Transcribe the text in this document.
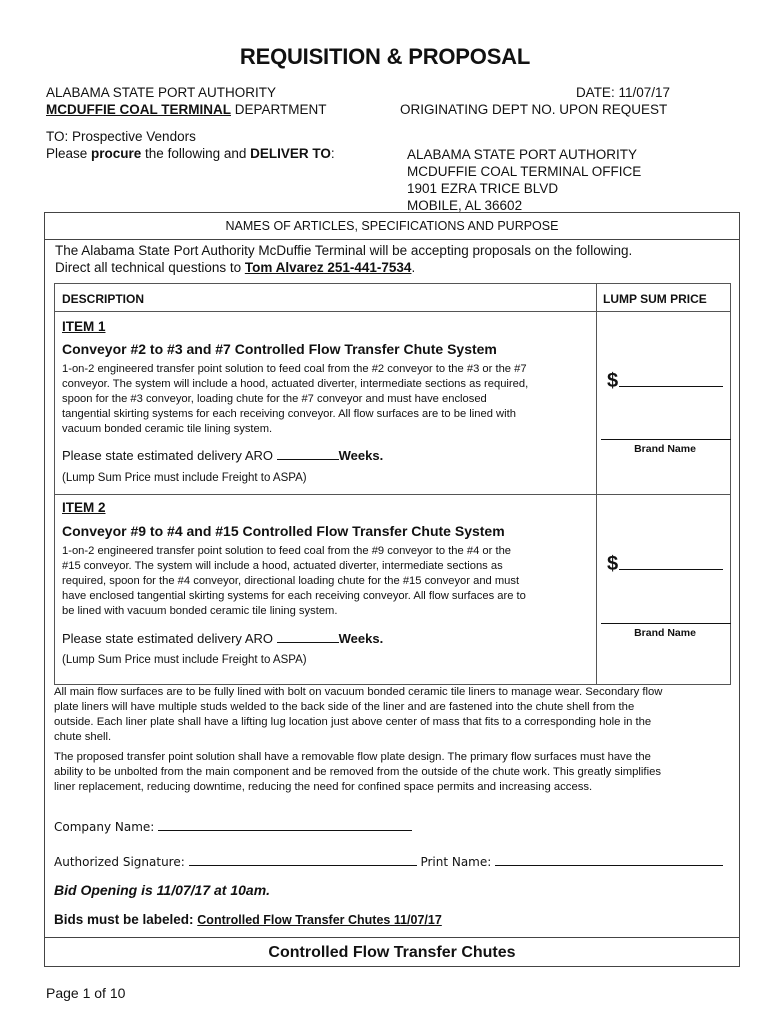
REQUISITION & PROPOSAL
ALABAMA STATE PORT AUTHORITY
MCDUFFIE COAL TERMINAL DEPARTMENT
DATE: 11/07/17
ORIGINATING DEPT NO. UPON REQUEST
TO: Prospective Vendors
Please procure the following and DELIVER TO:	ALABAMA STATE PORT AUTHORITY
MCDUFFIE COAL TERMINAL OFFICE
1901 EZRA TRICE BLVD
MOBILE, AL 36602
NAMES OF ARTICLES, SPECIFICATIONS AND PURPOSE
The Alabama State Port Authority McDuffie Terminal will be accepting proposals on the following.
Direct all technical questions to Tom Alvarez 251-441-7534.
DESCRIPTION	LUMP SUM PRICE
ITEM 1
Conveyor #2 to #3 and #7 Controlled Flow Transfer Chute System
1-on-2 engineered transfer point solution to feed coal from the #2 conveyor to the #3 or the #7
conveyor. The system will include a hood, actuated diverter, intermediate sections as required,
spoon for the #3 conveyor, loading chute for the #7 conveyor and must have enclosed
tangential skirting systems for each receiving conveyor. All flow surfaces are to be lined with
vacuum bonded ceramic tile lining system.
Please state estimated delivery ARO	Weeks.
(Lump Sum Price must include Freight to ASPA)
$
Brand Name
ITEM 2
Conveyor #9 to #4 and #15 Controlled Flow Transfer Chute System
1-on-2 engineered transfer point solution to feed coal from the #9 conveyor to the #4 or the
#15 conveyor. The system will include a hood, actuated diverter, intermediate sections as
required, spoon for the #4 conveyor, directional loading chute for the #15 conveyor and must
have enclosed tangential skirting systems for each receiving conveyor. All flow surfaces are to
be lined with vacuum bonded ceramic tile lining system.
Please state estimated delivery ARO	Weeks.
(Lump Sum Price must include Freight to ASPA)
$
Brand Name
All main flow surfaces are to be fully lined with bolt on vacuum bonded ceramic tile liners to manage wear. Secondary flow
plate liners will have multiple studs welded to the back side of the liner and are fastened into the chute shell from the
outside. Each liner plate shall have a lifting lug location just above center of mass that fits to a corresponding hole in the
chute shell.
The proposed transfer point solution shall have a removable flow plate design. The primary flow surfaces must have the
ability to be unbolted from the main component and be removed from the outside of the chute work. This greatly simplifies
liner replacement, reducing downtime, reducing the need for confined space permits and increasing access.
Company Name:
Authorized Signature:	Print Name:
Bid Opening is 11/07/17 at 10am.
Bids must be labeled: Controlled Flow Transfer Chutes 11/07/17
Controlled Flow Transfer Chutes
Page 1 of 10
